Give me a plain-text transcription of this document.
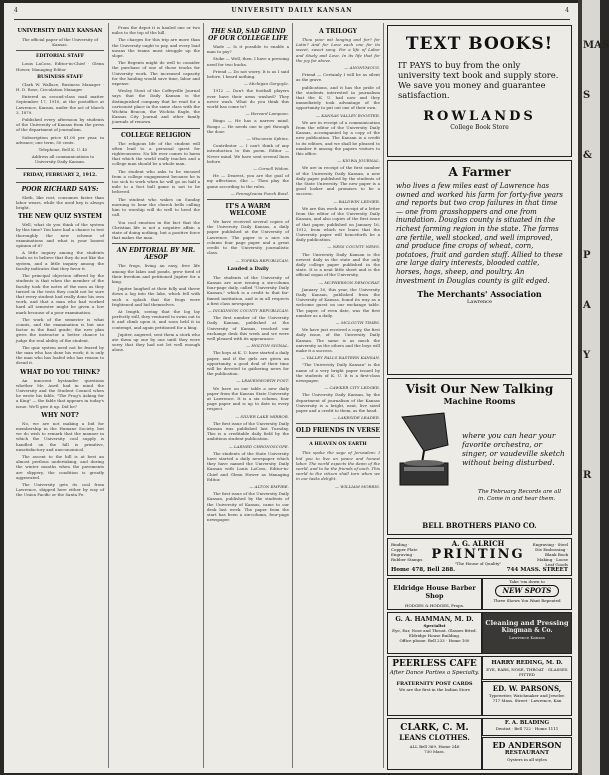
4	UNIVERSITY DAILY KANSAN	4
UNIVERSITY DAILY KANSAN

The official paper of the University of Kansas.

EDITORIAL STAFF

Louis LaCoss, Editor-in-Chief · Glenn Hower, Managing Editor

BUSINESS STAFF

Clark W. Wallace, Business Manager · H. D. Rose, Circulation Manager

Entered as second-class mail matter September 17, 1910, at the postoffice at Lawrence, Kansas, under the act of March 3, 1879.

Published every afternoon by students of the University of Kansas from the press of the department of journalism.

Subscription price $1.00 per year, in advance; one term, 50 cents.

Telephone, Bell K. U. 45

Address all communications to University Daily Kansan.

FRIDAY, FEBRUARY 2, 1912.
POOR RICHARD SAYS:

Sloth, like rust, consumes faster than labor wears, while the used key is always bright.

THE NEW QUIZ SYSTEM

Well, what do you think of the system by this time? You have had a chance to test thoroughly the new scheme of examinations and what is your honest opinion of it?

A little inquiry among the students leads us to believe that they do not like the system, and a little inquiry among the faculty indicates that they favor it.

The principal objection offered by the students is that when the member of the faculty took the notes of the men as they turned in the tests they could not be sure that every student had really done his own work, and that a man who had worked hard all semester might be given a low mark because of a poor examination.

The work of the semester is what counts, and the examination is but one factor in the final grade; the new plan gives the instructor a better chance to judge the real ability of the student.

The quiz system need not be feared by the man who has done his work; it is only the man who has loafed who has reason to dread it.

WHAT DO YOU THINK?

An innocent bystander questions whether Mr. Anvil had in mind the University and the Student Council when he wrote his fable, "The Frog's Asking for a King" — the fable that appears in today's issue. We'll give it up. Did he?

WHY NOT?

No, we are not making a bid for membership in the Humane Society, but we do wish to remark that the manner in which the University coal supply is handled on the hill is primitive, unsatisfactory and uneconomical.

The ascent to the hill is at best an almost perilous undertaking, and during the winter months when the pavements are slippery, the condition is greatly aggravated.

The University gets its coal from Lawrence, shipped here either by way of the Union Pacific or the Santa Fe.

From the depot it is hauled one or two miles to the top of the hill.

The charges for this trip are more than the University ought to pay, and every load means the teams must struggle up the slope.

The Regents might do well to consider the purchase of one of those trucks for University work. The increased capacity for the hauling would save time, labor and expense.

Wesley Stout of the Coffeyville Journal says that the Daily Kansan is the distinguished company that he read for a cartoonist place in the same class with the Wichita Beacon, the Wichita Eagle, the Kansas City Journal and other family journals of renown.

COLLEGE RELIGION

The religious life of the student will often lead to a personal quest for righteousness. No life ever comes to harm that which the world really teaches and a college man should be a whole man.

The student who asks to be excused from a college engagement because he is too sick to work when he will go on half a mile to a foot ball game is not to be believed.

The student who wakes on Sunday morning to hear the church bells calling him to worship will do well to heed the call.

You cool emotion in the fact that the Christian life is not a negative affair, a state of doing nothing, but a positive force that makes the man.

AN EDITORIAL BY MR. AESOP

The frogs, living an easy, free life among the lakes and ponds, grew tired of their freedom and petitioned Jupiter for a king.

Jupiter laughed at their folly and threw down a log into the lake, which fell with such a splash that the frogs were frightened and hid themselves.

At length, seeing that the log lay perfectly still, they ventured to swim out to it and climb upon it, and soon held it in contempt, and again petitioned for a king.

Jupiter, angered, sent them a stork who ate them up one by one until they were sorry that they had not let well enough alone.

THE SAD, SAD GRIND OF OUR COLLEGE LIFE

Wade — Is it possible to enable a man to pay?

Stoke — Well, then, I have a pressing need for two bucks.

Friend — Do not worry. It is as I said before, I heard nothing.

— Michigan Gargoyle.

1912 — Don't the football players ever have their arms washed? They never wash. What do you think this world has come to?

— Harvard Lampoon.

Bingo — He has a narrow mind. Bongo — He needs one to get through the door.

— Wisconsin Sphinx.

Contributor — I can't think of any introduction to this poem. Editor — Never mind. We have sent several lines before.

— Cornell Widow.

He — Dearest, you are the goal of my affections. She — Then play the game according to the rules.

— Pennsylvania Punch Bowl.
IT'S A WARM WELCOME

We have received several copies of the University Daily Kansas, a daily paper published at the University of Lawrence. The paper is a nice six column four page paper and a great credit to the University journalistic class.

— TOPEKA REPUBLICAN.
Lauded a Daily

The students of the University of Kansas are now issuing a six-column four-page daily, called "University Daily Kansan," which is a credit to that far-famed institution, and is in all respects a first class newspaper.

— DICKINSON COUNTY REPUBLICAN.

The first number of the University Daily Kansan, published at the University of Kansas, reached our exchange desk this week and we were well pleased with its appearance.

— HOLTON SIGNAL.

The boys at K. U. have started a daily paper, and if the girls are given an opportunity, a good deal of their time will be devoted to gathering news for the publication.

— LEAVENWORTH POST.

We have on our table a new daily paper from the Kansas State University at Lawrence. It is a six column, four page paper and is up to date in every respect.

— SILVER LAKE MIRROR.

The first issue of the University Daily Kansan was published last Tuesday. This is a creditable daily field by the ambitious student publication.

— LARNED CHRONOSCOPE.

The students of the State University have started a daily newspaper which they have named the University Daily Kansan with Louis LaCoss, Editor-in-Chief and Glenn Hower as Managing Editor.

— ALTON EMPIRE.

The first issue of the University Daily Kansan, published by the students of the University of Kansas, came to our desk last week. The paper from the start has been a six-column, four-page newspaper.

A TRILOGY

Thou poor wit longing and for? for Latin? And for Love each one for its sweet, sweet song. For a life of Labor and Study and Love. In its life that for the joy far above.

— ANONYMOUS.

Friend — Certainly I will be as silent as the grave.

publications, and it has the pride of the students interested in journalism that the K. U. had now and they immediately took advantage of the opportunity to put out one of their own.

— KANSAS VALLEY BOOSTER.

We are in receipt of a communication from the editor of the University Daily Kansas, accompanied by a copy of the new publication. The Kansan is a credit to its editors, and we shall be pleased to number it among the papers visitors to this office.

— KIOWA JOURNAL.

We are in receipt of the first number of the University Daily Kansan, a new daily paper published by the students of the State University. The new paper is a good looker and promises to be a success.

— BALDWIN LEDGER.

We are this week in receipt of a letter from the editor of the University Daily Kansan, and also copies of the first issue of that paper, published on January 16, 1912, from which we learn that the University paper will henceforth be a daily publication.

— NESS COUNTY NEWS.

The University Daily Kansan is the newest daily in the state and the only daily college paper published in the state. It is a neat little sheet and is the official organ of the University.

— MCPHERSON DEMOCRAT.

January 16, this year, the University Daily Kansan, published from the University of Kansas, found its way as a welcome guest on our exchange table. The paper, of even date, was the first number as a daily.

— MCLOUTH TIMES.

We have just received a copy, the first daily issue, of the University Daily Kansan. The same is as much the university as the others and the boys will make it a success.

— VALLEY FALLS EASTERN KANSAN.

"The University Daily Kansan" is the name of a very bright paper issued by the students of K. U. It is a first-class newspaper.

— CAWKER CITY LEDGER.

The University Daily Kansan, by the department of journalism of the Kansas University is a bright, neat, live sized paper and a credit to them, as the head.

— LAKESIDE LEADER.
OLD FRIENDS IN VERSE
A HEAVEN ON EARTH

This spoke the sage of Jerusalem: I bid you to live on peace and honest labor. The world expects the dawn of the world, and to be the friends of each. This world to the citizen shall turn when we in our tasks delight.

— WILLIAM MORRIS.
TEXT BOOKS!
IT PAYS to buy from the only university text book and supply store. We save you money and guarantee satisfaction.
ROWLANDS
College Book Store
A Farmer
who lives a few miles east of Lawrence has owned and worked his farm for forty-five years and reports but two crop failures in that time — one from grasshoppers and one from inundation. Douglas county is situated in the richest farming region in the state. The farms are fertile, well stocked, and well improved, and produce fine crops of wheat, corn, potatoes, fruit and garden stuff. Allied to these are large dairy interests, blooded cattle, horses, hogs, sheep, and poultry. An investment in Douglas county is gilt edged.
The Merchants' Association
Lawrence
Visit Our New Talking
Machine Rooms
where you can hear your favorite orchestra, or singer, or vaudeville sketch without being disturbed.
The February Records are all in. Come in and hear them.
BELL BROTHERS PIANO CO.
Binding · Copper Plate Engraving · Rubber Stamps
A. G. ALRICH
PRINTING
"The House of Quality"
Engraving · Steel Die Embossing · Blank Book Making · Loose Leaf Goods
Home 478, Bell 288.	744 MASS. STREET
Eldridge House Barber Shop
HODGES & HODGES, Props.
Take 'em down to
NEW SPOTS
Three Shows You Want Repeated
G. A. HAMMAN, M. D.
Specialist
Eye, Ear, Nose and Throat. Glasses fitted. Eldridge House Building.
Office phone: Bell 233 · Home 100
Cleaning and Pressing
Kingman & Co.
Lawrence Kansas
PEERLESS CAFE
After Dance Parties a Specialty.
FRATERNITY POST CARDS
We are the first in the Indian Store
HARRY REDING, M. D.
EYE, EARS, NOSE, THROAT · GLASSES FITTED
ED. W. PARSONS,
Typewriter, Watchmaker and Jeweler.
717 Mass. Street · Lawrence, Kan
CLARK, C. M.
LEANS CLOTHES.
ALL Bell 369, Home 246
730 Mass.
F. A. BLADING
Dentist · Bell 722 · Home 1111
ED ANDERSON
RESTAURANT
Oysters in all styles
MAS
S
&
P
A
Y
R
